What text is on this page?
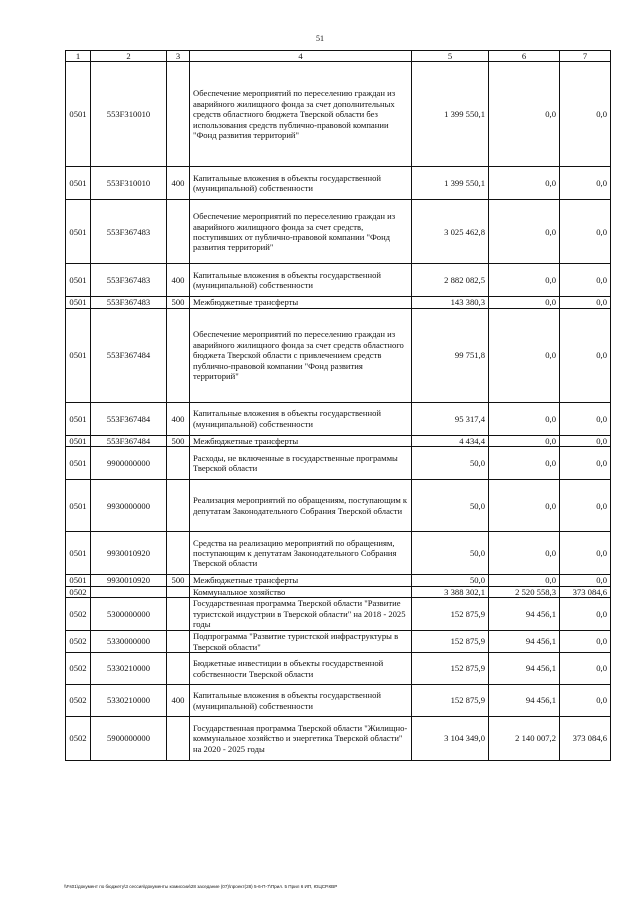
51
1	2	3	4	5	6	7
0501	553F310010		Обеспечение мероприятий по переселению граждан из аварийного жилищного фонда за счет дополнительных средств областного бюджета Тверской области без использования средств публично-правовой компании "Фонд развития территорий"	1 399 550,1	0,0	0,0
0501	553F310010	400	Капитальные вложения в объекты государственной (муниципальной) собственности	1 399 550,1	0,0	0,0
0501	553F367483		Обеспечение мероприятий по переселению граждан из аварийного жилищного фонда за счет средств, поступивших от публично-правовой компании "Фонд развития территорий"	3 025 462,8	0,0	0,0
0501	553F367483	400	Капитальные вложения в объекты государственной (муниципальной) собственности	2 882 082,5	0,0	0,0
0501	553F367483	500	Межбюджетные трансферты	143 380,3	0,0	0,0
0501	553F367484		Обеспечение мероприятий по переселению граждан из аварийного жилищного фонда за счет средств областного бюджета Тверской области с привлечением средств публично-правовой компании "Фонд развития территорий"	99 751,8	0,0	0,0
0501	553F367484	400	Капитальные вложения в объекты государственной (муниципальной) собственности	95 317,4	0,0	0,0
0501	553F367484	500	Межбюджетные трансферты	4 434,4	0,0	0,0
0501	9900000000		Расходы, не включенные в государственные программы Тверской области	50,0	0,0	0,0
0501	9930000000		Реализация мероприятий по обращениям, поступающим к депутатам Законодательного Собрания Тверской области	50,0	0,0	0,0
0501	9930010920		Средства на реализацию мероприятий по обращениям, поступающим к депутатам Законодательного Собрания Тверской области	50,0	0,0	0,0
0501	9930010920	500	Межбюджетные трансферты	50,0	0,0	0,0
0502			Коммунальное хозяйство	3 388 302,1	2 520 558,3	373 084,6
0502	5300000000		Государственная программа Тверской области "Развитие туристской индустрии в Тверской области" на 2018 - 2025 годы	152 875,9	94 456,1	0,0
0502	5330000000		Подпрограмма "Развитие туристской инфраструктуры в Тверской области"	152 875,9	94 456,1	0,0
0502	5330210000		Бюджетные инвестиции в объекты государственной собственности Тверской области	152 875,9	94 456,1	0,0
0502	5330210000	400	Капитальные вложения в объекты государственной (муниципальной) собственности	152 875,9	94 456,1	0,0
0502	5900000000		Государственная программа Тверской области "Жилищно-коммунальное хозяйство и энергетика Тверской области" на 2020 - 2025 годы	3 104 349,0	2 140 007,2	373 084,6
\\Fs01\документ по бюджету\3 сессия\документы комиссии\28 заседание (07)\проект(28) 5-6-П-7\Прил. 5 Прил 6 ИП, ЮЦСР.КВР
